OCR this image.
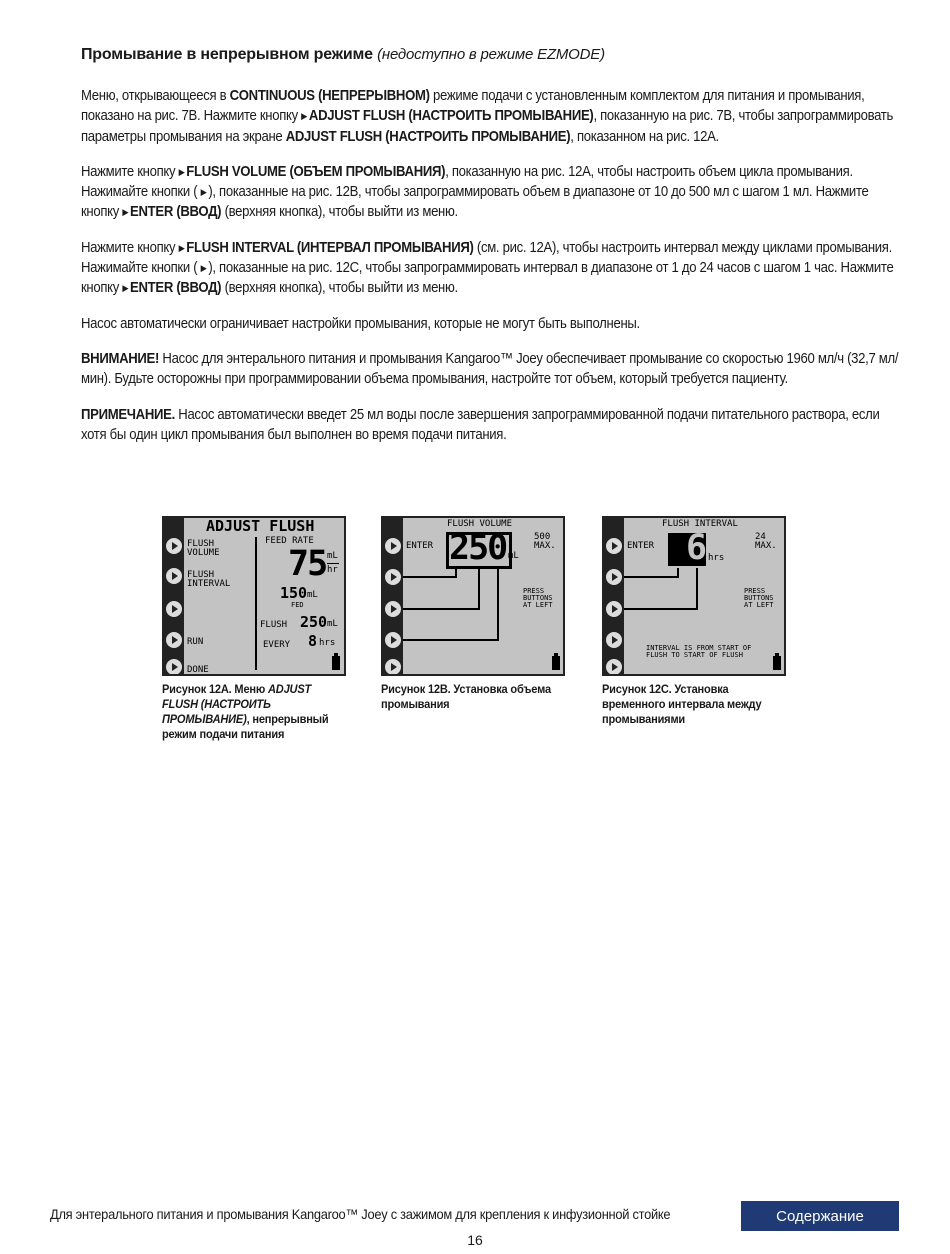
Промывание в непрерывном режиме (недоступно в режиме EZMODE)

Меню, открывающееся в CONTINUOUS (НЕПРЕРЫВНОМ) режиме подачи с установленным комплектом для питания и промывания, показано на рис. 7B. Нажмите кнопку ▶ ADJUST FLUSH (НАСТРОИТЬ ПРОМЫВАНИЕ), показанную на рис. 7B, чтобы запрограммировать параметры промывания на экране ADJUST FLUSH (НАСТРОИТЬ ПРОМЫВАНИЕ), показанном на рис. 12A.

Нажмите кнопку ▶ FLUSH VOLUME (ОБЪЕМ ПРОМЫВАНИЯ), показанную на рис. 12A, чтобы настроить объем цикла промывания. Нажимайте кнопки ( ▶ ), показанные на рис. 12B, чтобы запрограммировать объем в диапазоне от 10 до 500 мл с шагом 1 мл. Нажмите кнопку ▶ ENTER (ВВОД) (верхняя кнопка), чтобы выйти из меню.

Нажмите кнопку ▶ FLUSH INTERVAL (ИНТЕРВАЛ ПРОМЫВАНИЯ) (см. рис. 12A), чтобы настроить интервал между циклами промывания. Нажимайте кнопки ( ▶ ), показанные на рис. 12C, чтобы запрограммировать интервал в диапазоне от 1 до 24 часов с шагом 1 час. Нажмите кнопку ▶ ENTER (ВВОД) (верхняя кнопка), чтобы выйти из меню.

Насос автоматически ограничивает настройки промывания, которые не могут быть выполнены.

ВНИМАНИЕ! Насос для энтерального питания и промывания Kangaroo™ Joey обеспечивает промывание со скоростью 1960 мл/ч (32,7 мл/мин). Будьте осторожны при программировании объема промывания, настройте тот объем, который требуется пациенту.

ПРИМЕЧАНИЕ. Насос автоматически введет 25 мл воды после завершения запрограммированной подачи питательного раствора, если хотя бы один цикл промывания был выполнен во время подачи питания.

ADJUST FLUSH
FLUSH
VOLUME
FLUSH
INTERVAL
RUN
DONE
FEED RATE
75 mL
hr
150 mL
FED
FLUSH 250 mL
EVERY 8 hrs
Рисунок 12A. Меню ADJUST FLUSH (НАСТРОИТЬ ПРОМЫВАНИЕ), непрерывный режим подачи питания
FLUSH VOLUME
ENTER 250 mL
500
MAX.
PRESS
BUTTONS
AT LEFT
Рисунок 12B. Установка объема промывания
FLUSH INTERVAL
ENTER 6 hrs
24
MAX.
PRESS
BUTTONS
AT LEFT
INTERVAL IS FROM START OF
FLUSH TO START OF FLUSH
Рисунок 12C. Установка временного интервала между промываниями
Для энтерального питания и промывания Kangaroo™ Joey с зажимом для крепления к инфузионной стойке	Содержание
16
